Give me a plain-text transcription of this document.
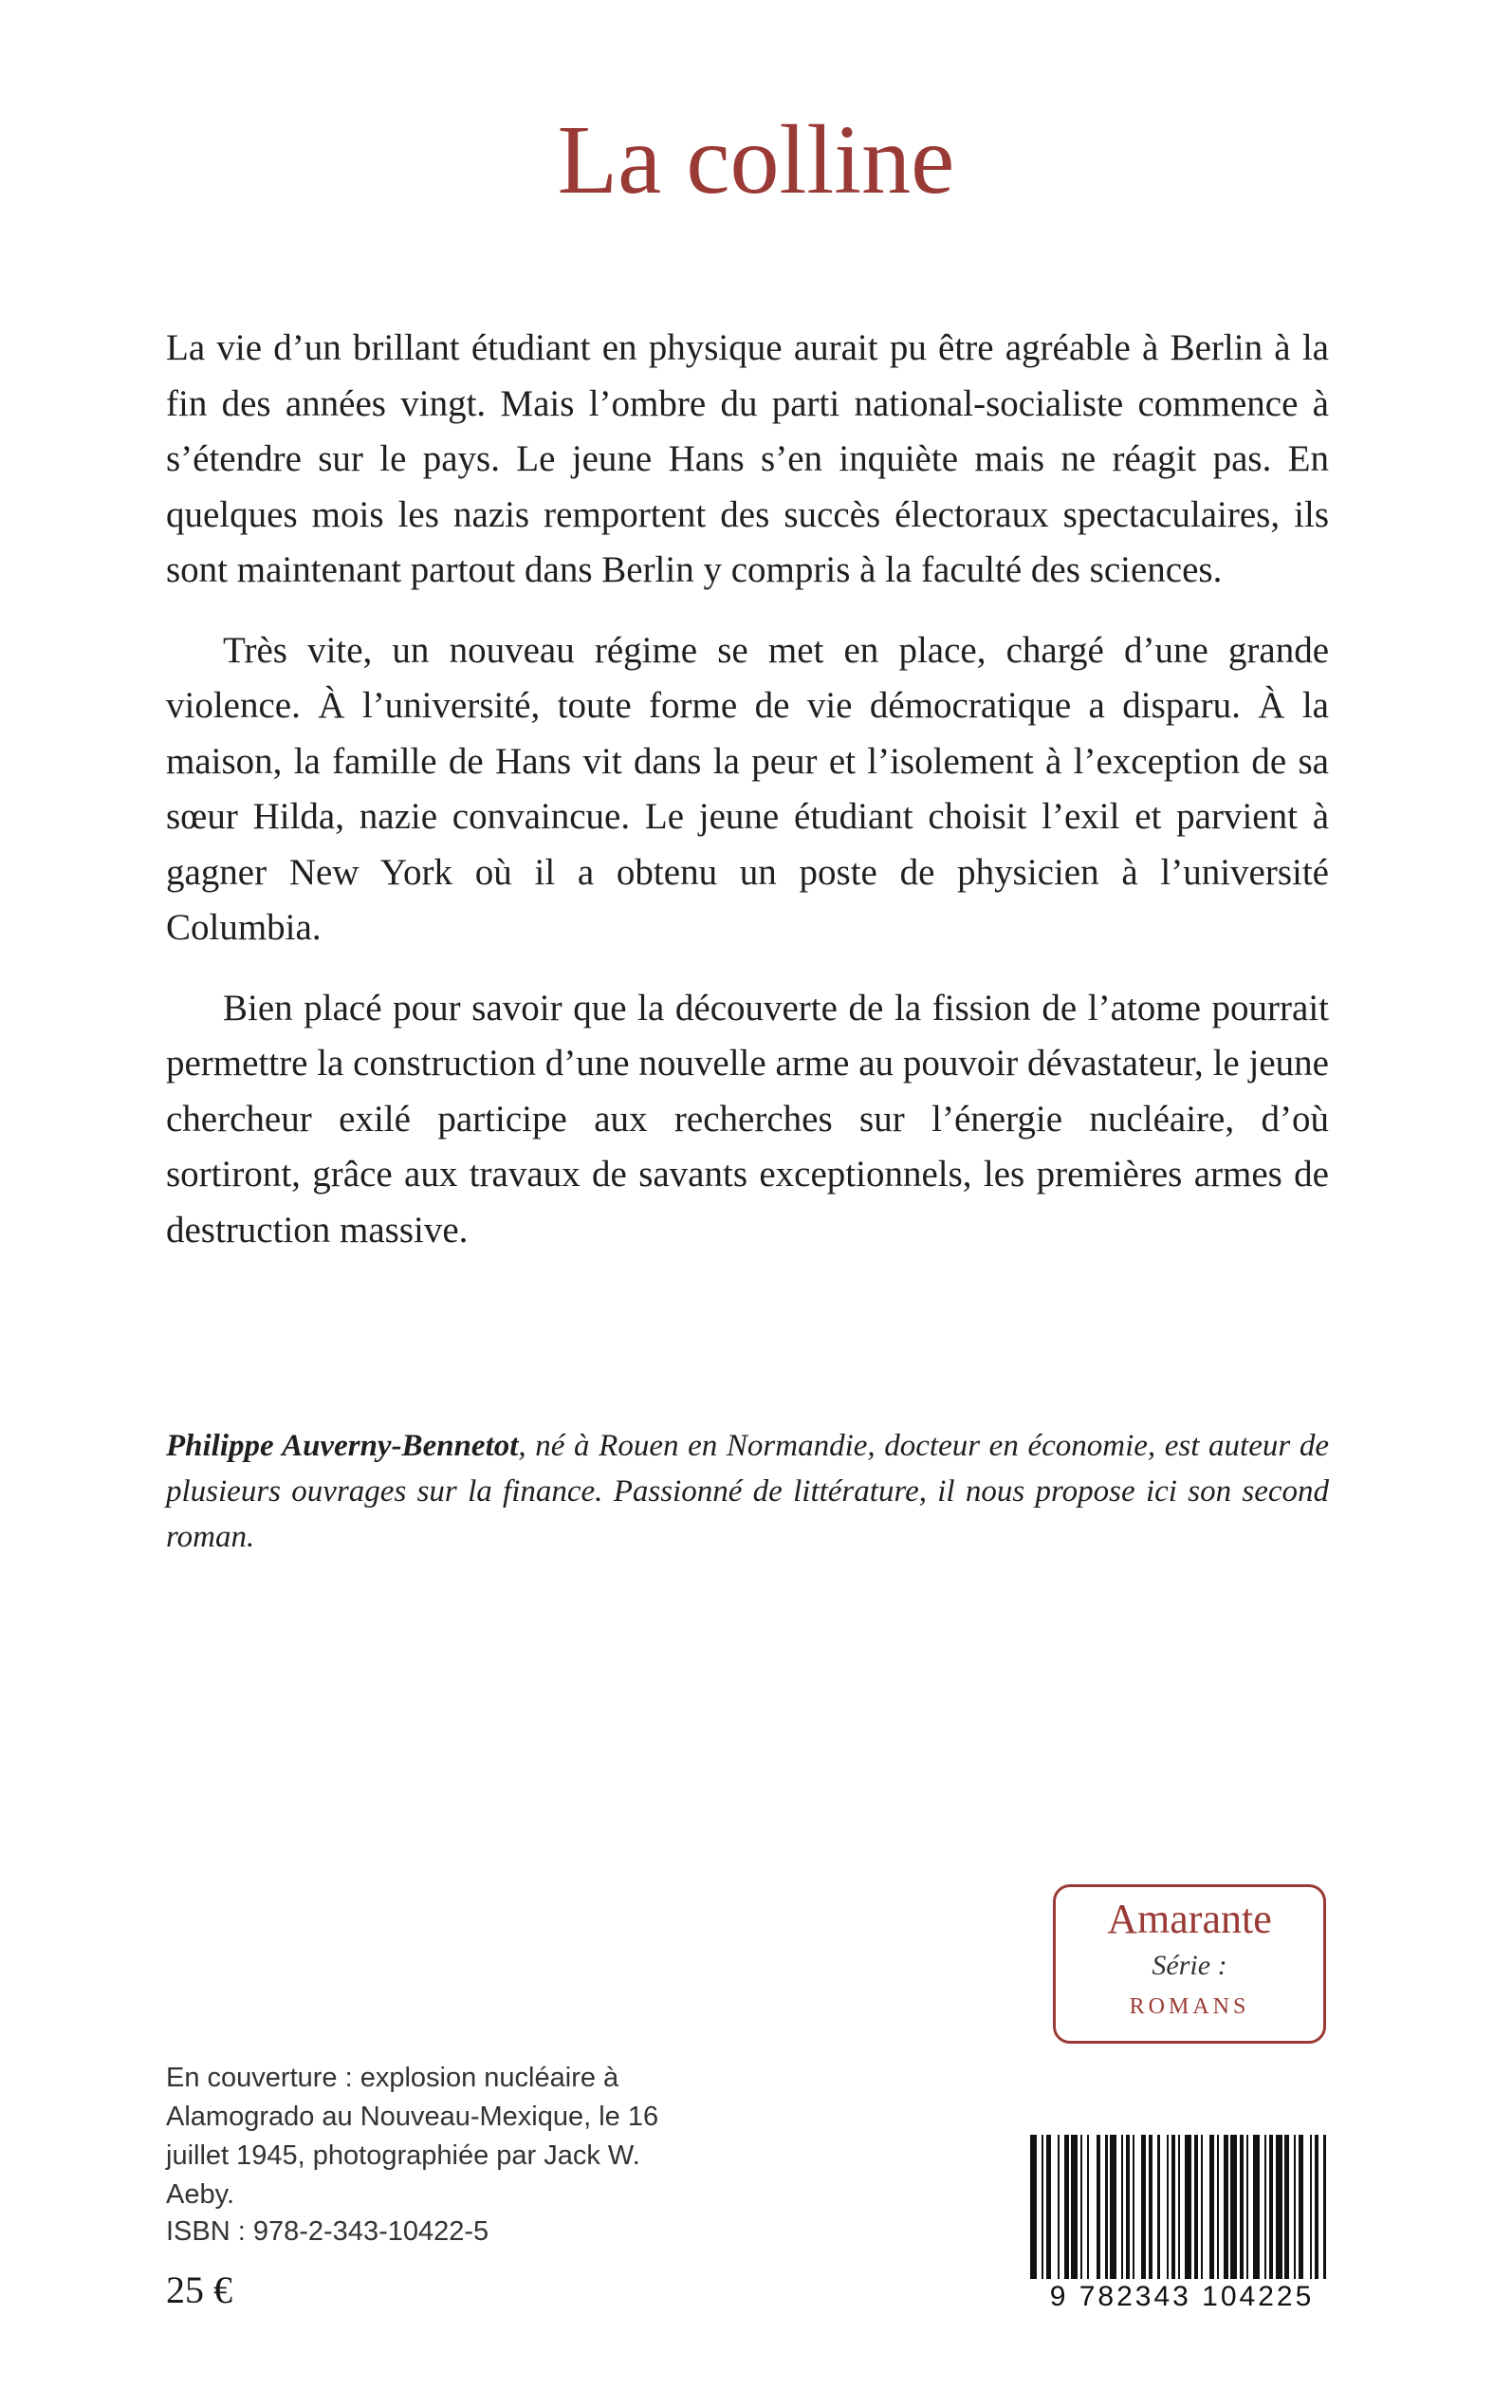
La colline

La vie d’un brillant étudiant en physique aurait pu être agréable à Berlin à la fin des années vingt. Mais l’ombre du parti national-socialiste commence à s’étendre sur le pays. Le jeune Hans s’en inquiète mais ne réagit pas. En quelques mois les nazis remportent des succès électoraux spectaculaires, ils sont maintenant partout dans Berlin y compris à la faculté des sciences.

Très vite, un nouveau régime se met en place, chargé d’une grande violence. À l’université, toute forme de vie démocratique a disparu. À la maison, la famille de Hans vit dans la peur et l’isolement à l’exception de sa sœur Hilda, nazie convaincue. Le jeune étudiant choisit l’exil et parvient à gagner New York où il a obtenu un poste de physicien à l’université Columbia.

Bien placé pour savoir que la découverte de la fission de l’atome pourrait permettre la construction d’une nouvelle arme au pouvoir dévastateur, le jeune chercheur exilé participe aux recherches sur l’énergie nucléaire, d’où sortiront, grâce aux travaux de savants exceptionnels, les premières armes de destruction massive.

Philippe Auverny-Bennetot, né à Rouen en Normandie, docteur en économie, est auteur de plusieurs ouvrages sur la finance. Passionné de littérature, il nous propose ici son second roman.

Amarante
Série :
ROMANS

En couverture : explosion nucléaire à Alamogrado au Nouveau-Mexique, le 16 juillet 1945, photographiée par Jack W. Aeby.

ISBN : 978-2-343-10422-5
25 €	9 782343 104225
